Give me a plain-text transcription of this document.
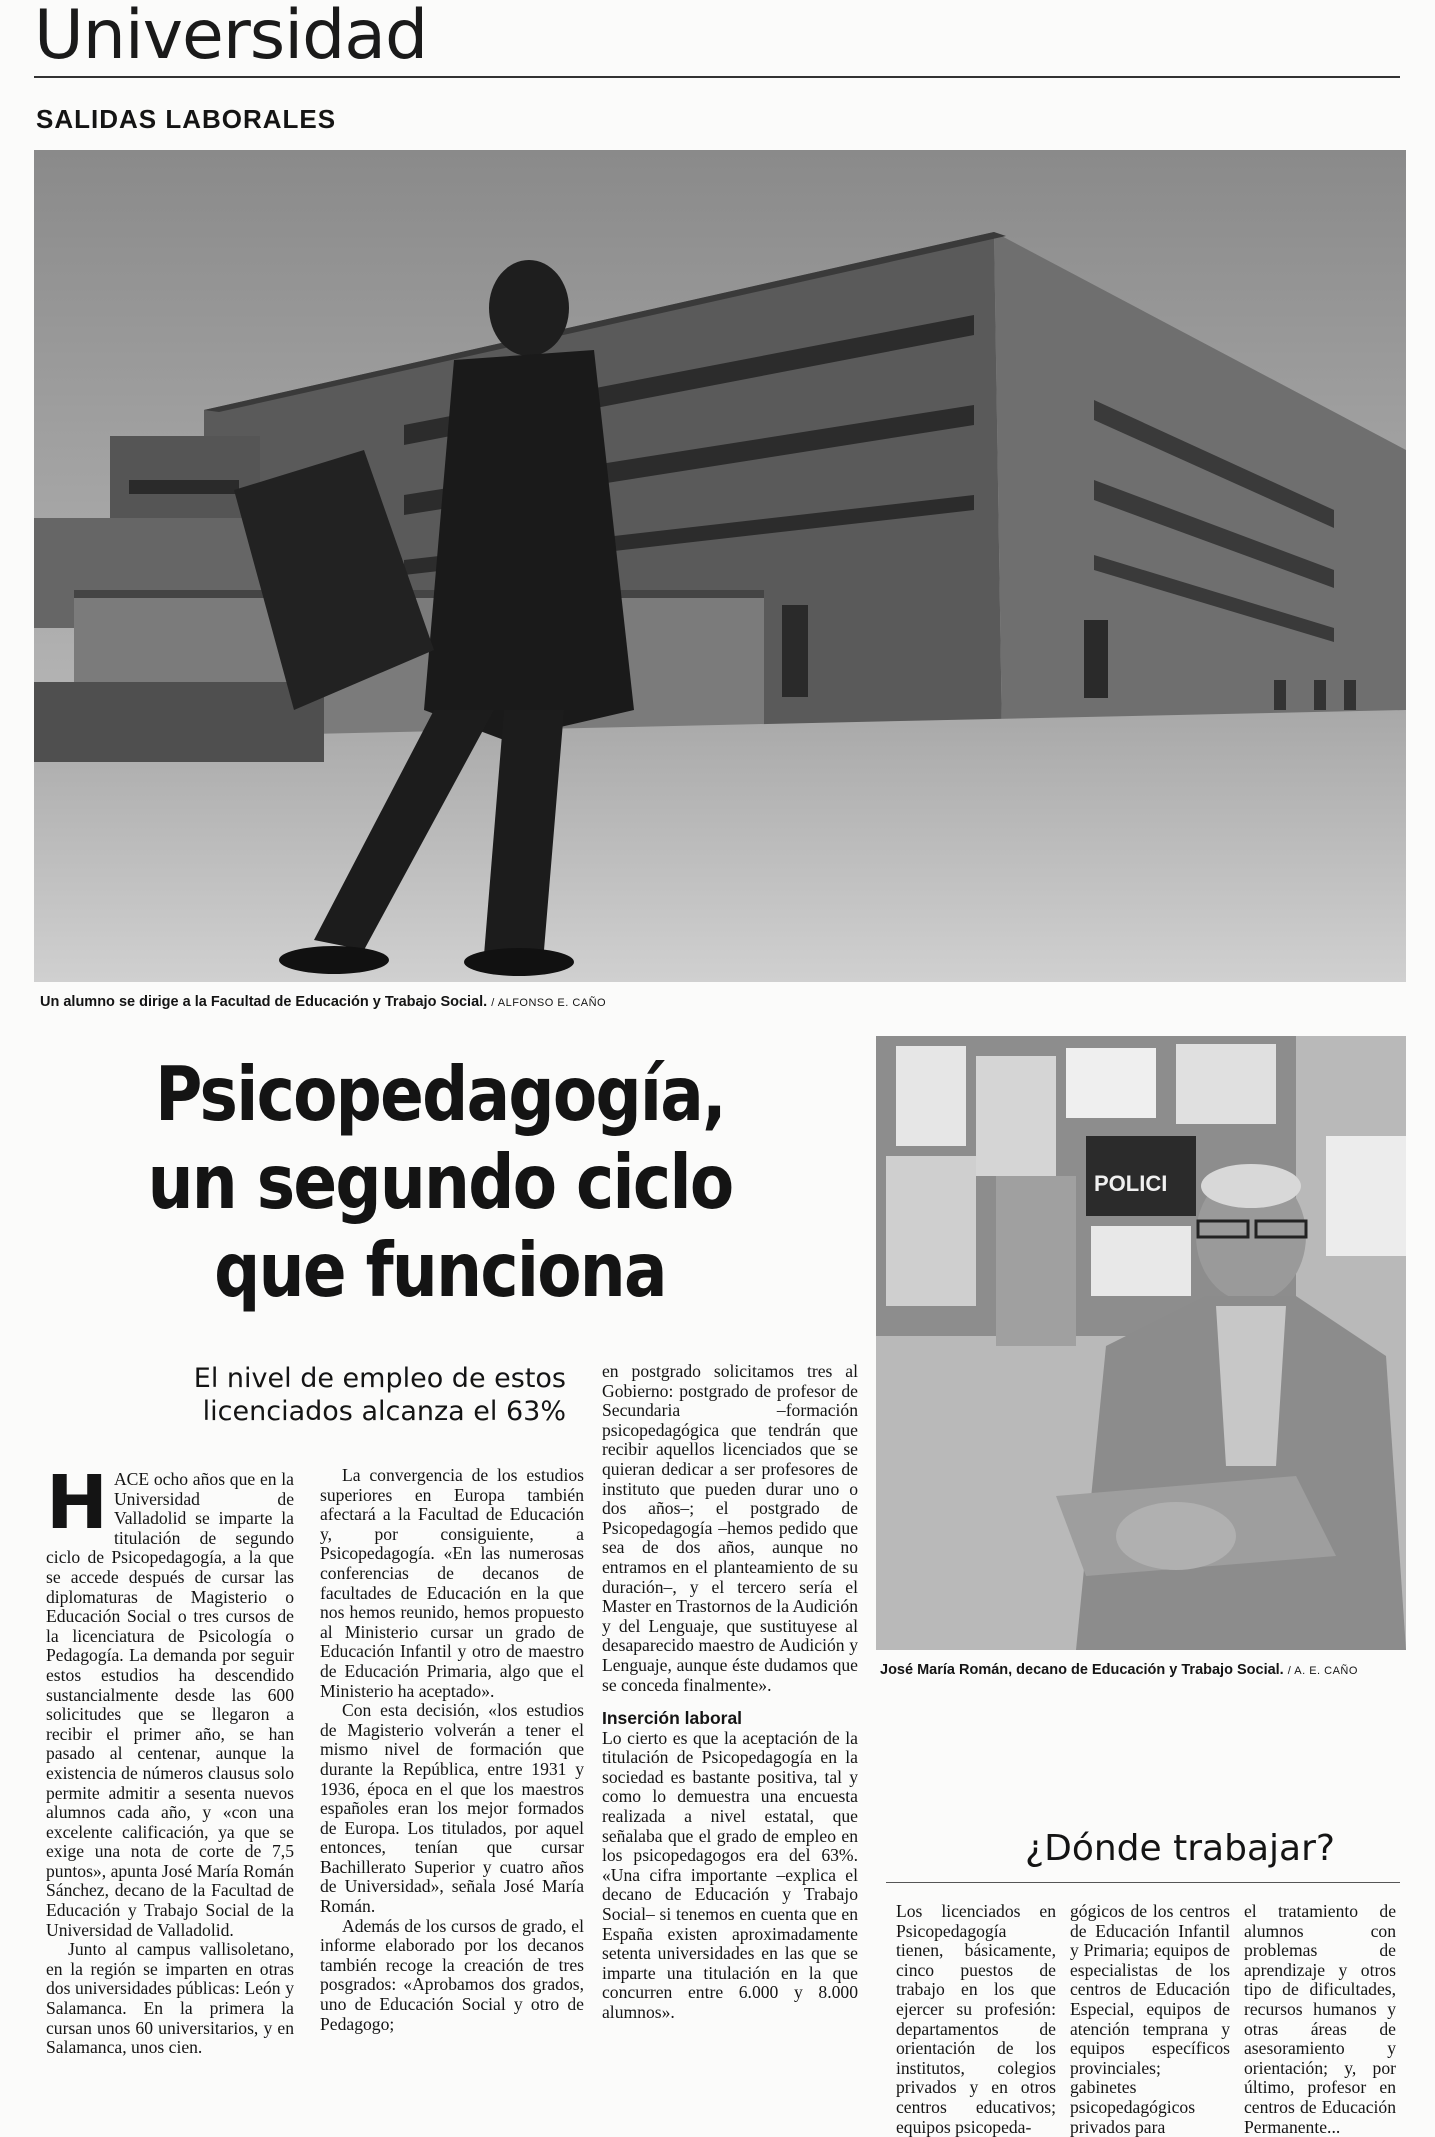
Universidad
SALIDAS LABORALES
Un alumno se dirige a la Facultad de Educación y Trabajo Social. / ALFONSO E. CAÑO
Psicopedagogía, un segundo ciclo que funciona
El nivel de empleo de estos licenciados alcanza el 63%

HACE ocho años que en la Universidad de Valladolid se imparte la titulación de segundo ciclo de Psicopedagogía, a la que se accede después de cursar las diplomaturas de Magisterio o Educación Social o tres cursos de la licenciatura de Psicología o Pedagogía. La demanda por seguir estos estudios ha descendido sustancialmente desde las 600 solicitudes que se llegaron a recibir el primer año, se han pasado al centenar, aunque la existencia de números clausus solo permite admitir a sesenta nuevos alumnos cada año, y «con una excelente calificación, ya que se exige una nota de corte de 7,5 puntos», apunta José María Román Sánchez, decano de la Facultad de Educación y Trabajo Social de la Universidad de Valladolid.

Junto al campus vallisoletano, en la región se imparten en otras dos universidades públicas: León y Salamanca. En la primera la cursan unos 60 universitarios, y en Salamanca, unos cien.

La convergencia de los estudios superiores en Europa también afectará a la Facultad de Educación y, por consiguiente, a Psicopedagogía. «En las numerosas conferencias de decanos de facultades de Educación en la que nos hemos reunido, hemos propuesto al Ministerio cursar un grado de Educación Infantil y otro de maestro de Educación Primaria, algo que el Ministerio ha aceptado».

Con esta decisión, «los estudios de Magisterio volverán a tener el mismo nivel de formación que durante la República, entre 1931 y 1936, época en el que los maestros españoles eran los mejor formados de Europa. Los titulados, por aquel entonces, tenían que cursar Bachillerato Superior y cuatro años de Universidad», señala José María Román.

Además de los cursos de grado, el informe elaborado por los decanos también recoge la creación de tres posgrados: «Aprobamos dos grados, uno de Educación Social y otro de Pedagogo;

en postgrado solicitamos tres al Gobierno: postgrado de profesor de Secundaria –formación psicopedagógica que tendrán que recibir aquellos licenciados que se quieran dedicar a ser profesores de instituto que pueden durar uno o dos años–; el postgrado de Psicopedagogía –hemos pedido que sea de dos años, aunque no entramos en el planteamiento de su duración–, y el tercero sería el Master en Trastornos de la Audición y del Lenguaje, que sustituyese al desaparecido maestro de Audición y Lenguaje, aunque éste dudamos que se conceda finalmente».

Inserción laboral

Lo cierto es que la aceptación de la titulación de Psicopedagogía en la sociedad es bastante positiva, tal y como lo demuestra una encuesta realizada a nivel estatal, que señalaba que el grado de empleo en los psicopedagogos era del 63%. «Una cifra importante –explica el decano de Educación y Trabajo Social– si tenemos en cuenta que en España existen aproximadamente setenta universidades en las que se imparte una titulación en la que concurren entre 6.000 y 8.000 alumnos».

POLICI
José María Román, decano de Educación y Trabajo Social. / A. E. CAÑO
¿Dónde trabajar?

Los licenciados en Psicopedagogía tienen, básicamente, cinco puestos de trabajo en los que ejercer su profesión: departamentos de orientación de los institutos, colegios privados y en otros centros educativos; equipos psicopeda-

gógicos de los centros de Educación Infantil y Primaria; equipos de especialistas de los centros de Educación Especial, equipos de atención temprana y equipos específicos provinciales; gabinetes psicopedagógicos privados para

el tratamiento de alumnos con problemas de aprendizaje y otros tipo de dificultades, recursos humanos y otras áreas de asesoramiento y orientación; y, por último, profesor en centros de Educación Permanente...
